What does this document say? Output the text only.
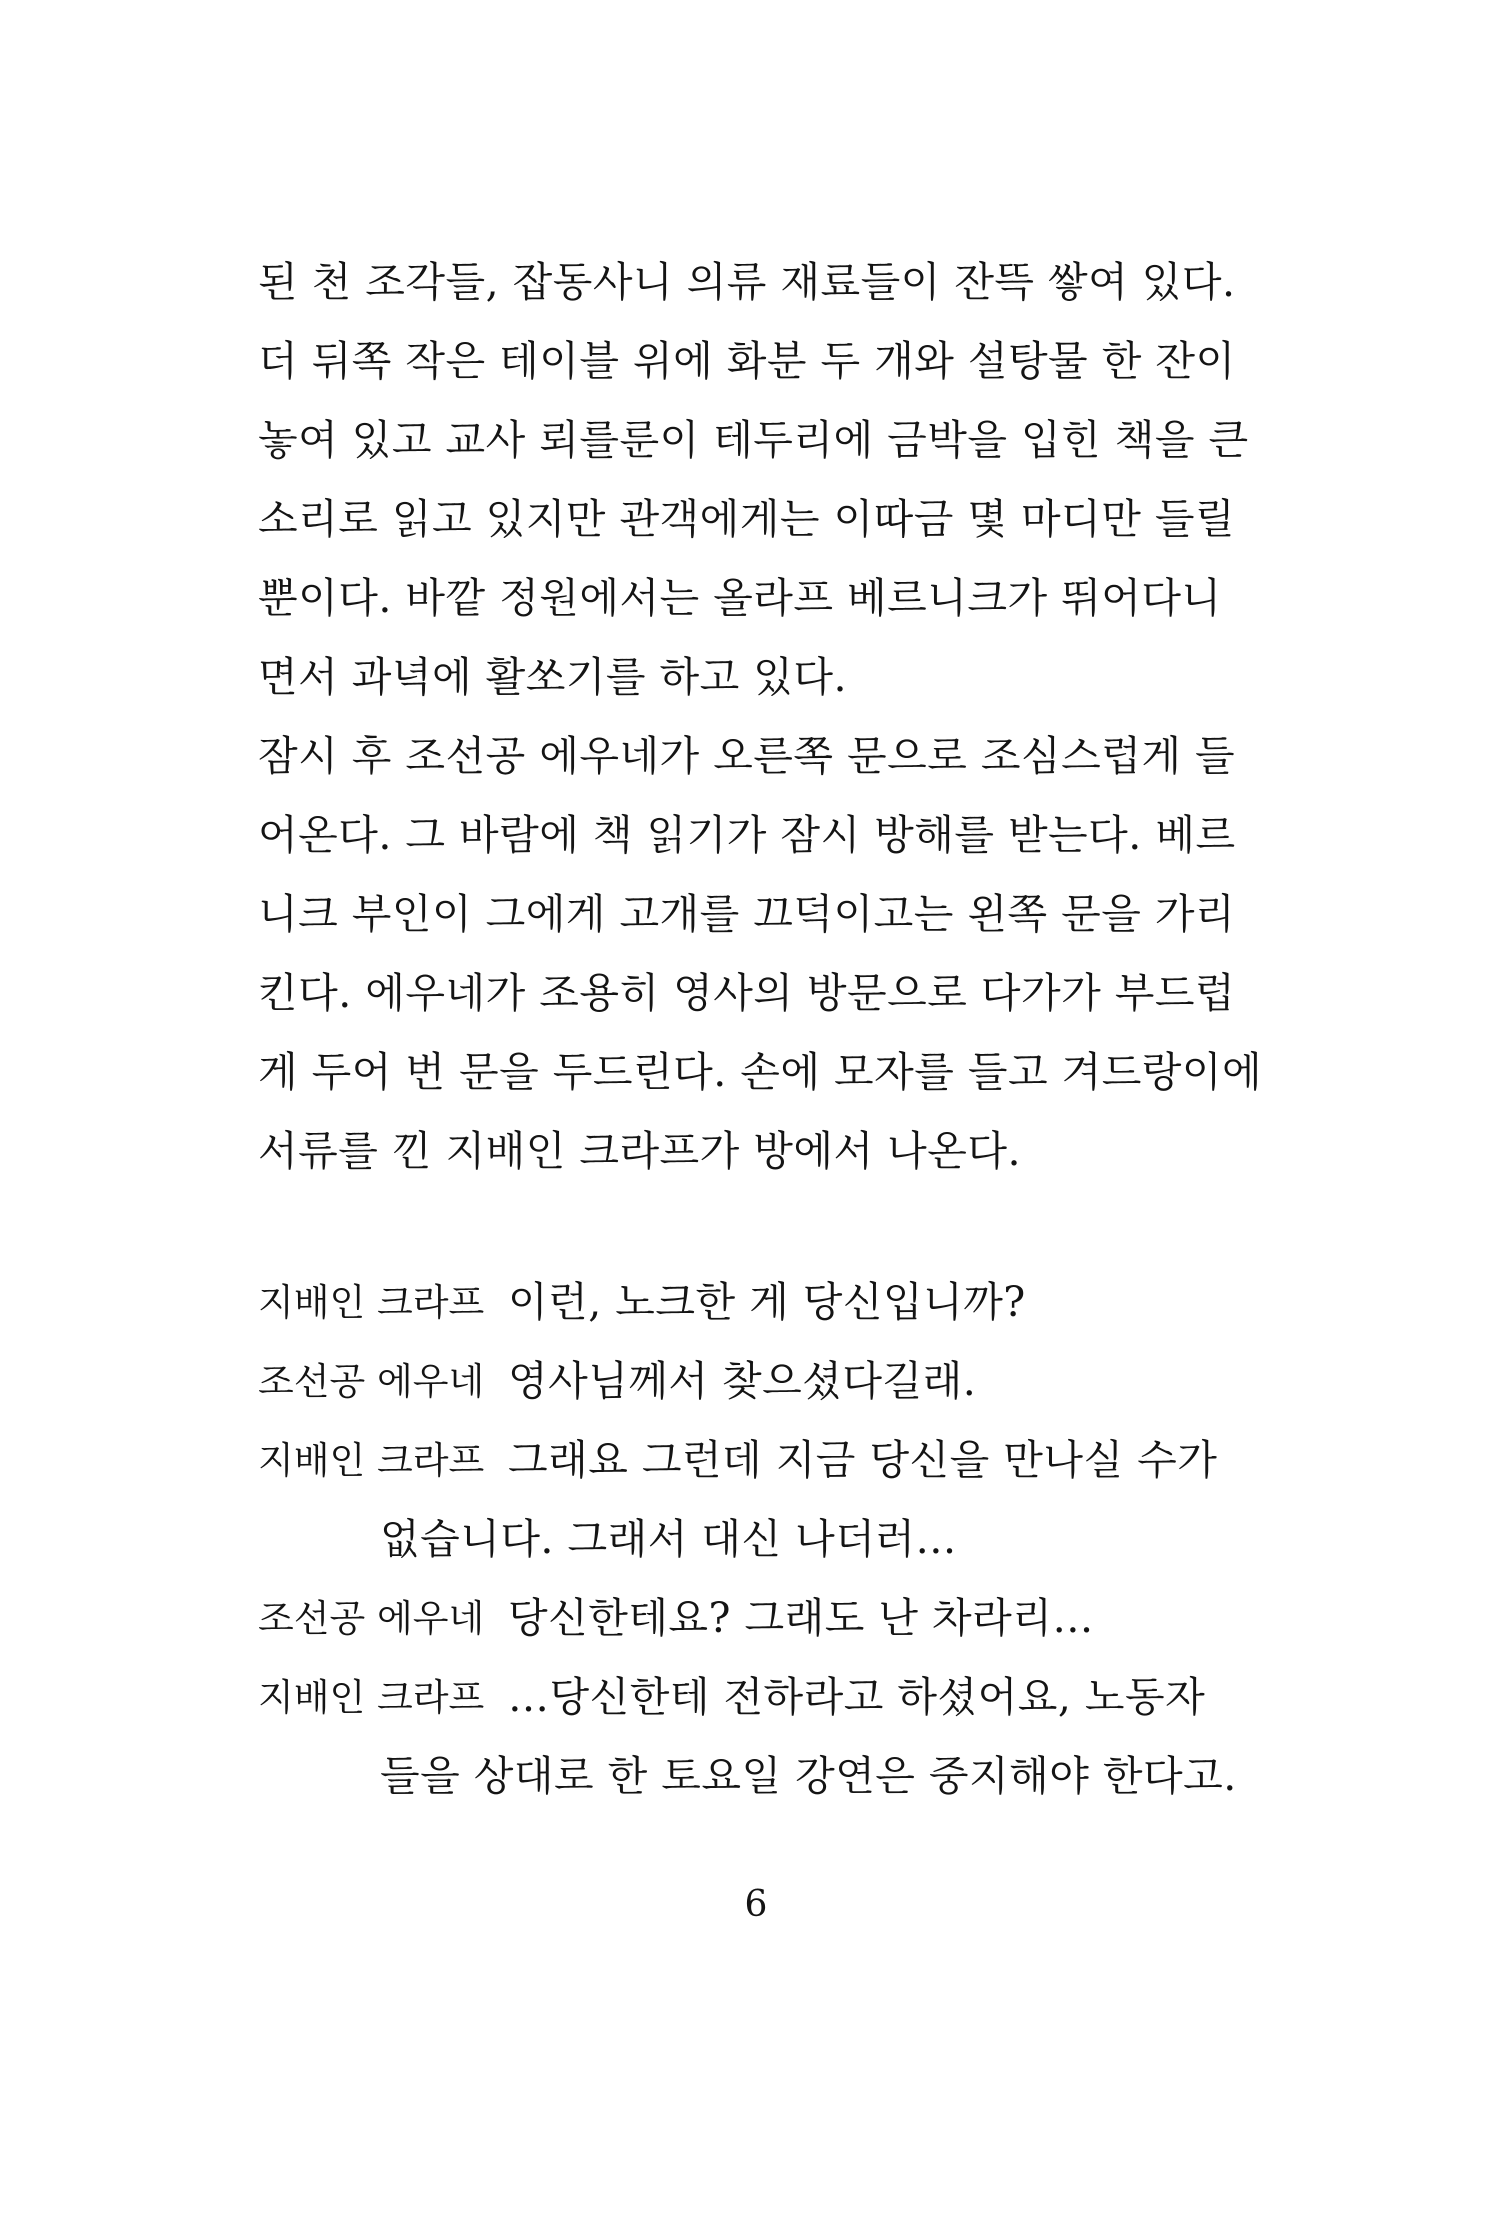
된 천 조각들, 잡동사니 의류 재료들이 잔뜩 쌓여 있다.
더 뒤쪽 작은 테이블 위에 화분 두 개와 설탕물 한 잔이
놓여 있고 교사 뢰를룬이 테두리에 금박을 입힌 책을 큰
소리로 읽고 있지만 관객에게는 이따금 몇 마디만 들릴
뿐이다. 바깥 정원에서는 올라프 베르니크가 뛰어다니
면서 과녁에 활쏘기를 하고 있다.
잠시 후 조선공 에우네가 오른쪽 문으로 조심스럽게 들
어온다. 그 바람에 책 읽기가 잠시 방해를 받는다. 베르
니크 부인이 그에게 고개를 끄덕이고는 왼쪽 문을 가리
킨다. 에우네가 조용히 영사의 방문으로 다가가 부드럽
게 두어 번 문을 두드린다. 손에 모자를 들고 겨드랑이에
서류를 낀 지배인 크라프가 방에서 나온다.
지배인 크라프 이런, 노크한 게 당신입니까?
조선공 에우네 영사님께서 찾으셨다길래.
지배인 크라프 그래요 그런데 지금 당신을 만나실 수가
없습니다. 그래서 대신 나더러…
조선공 에우네 당신한테요? 그래도 난 차라리…
지배인 크라프 …당신한테 전하라고 하셨어요, 노동자
들을 상대로 한 토요일 강연은 중지해야 한다고.
6
